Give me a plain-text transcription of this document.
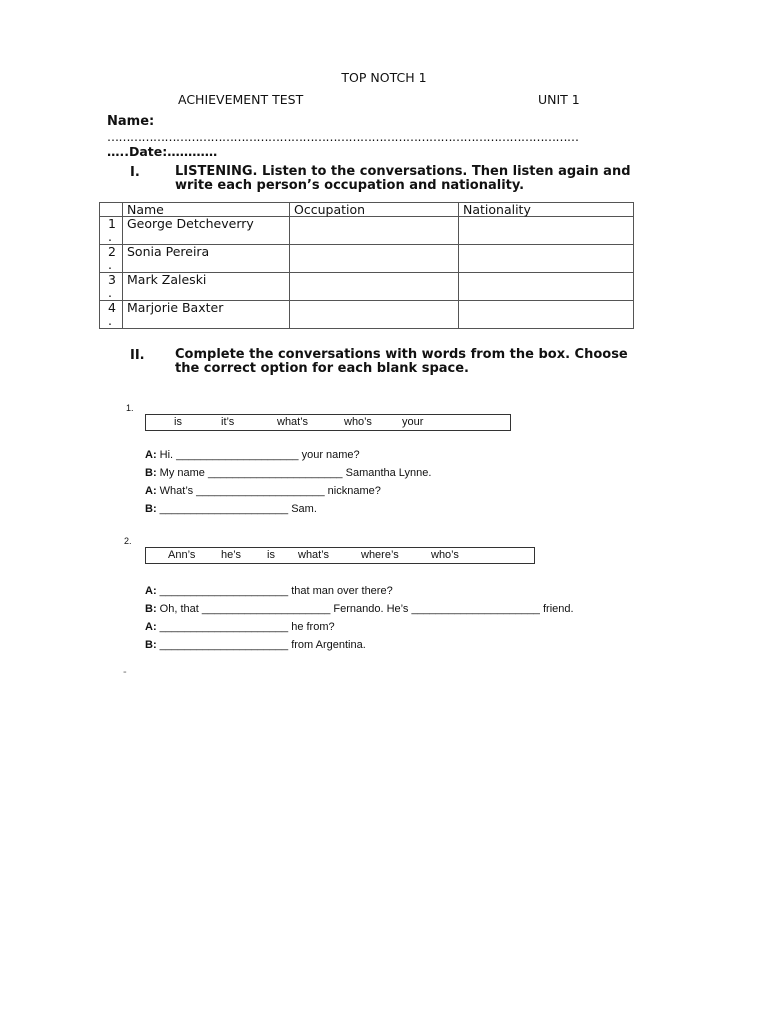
TOP NOTCH 1
ACHIEVEMENT TEST	UNIT 1
Name:
……………………………………………………………………………………………………………
…..Date:…………
I.	LISTENING. Listen to the conversations. Then listen again and
write each person’s occupation and nationality.
	Name	Occupation	Nationality

1
.	George Detcheverry		

2
.	Sonia Pereira		

3
.	Mark Zaleski		

4
.	Marjorie Baxter		
II. Complete the conversations with words from the box. Choose
the correct option for each blank space.
1.
is	it’s	what’s	who’s	your
A: Hi. ____________________ your name?
B: My name ______________________ Samantha Lynne.
A: What’s _____________________ nickname?
B: _____________________ Sam.
2.
Ann’s he’s is what’s	where’s	who’s
A: _____________________ that man over there?
B: Oh, that _____________________ Fernando. He’s _____________________ friend.
A: _____________________ he from?
B: _____________________ from Argentina.
-
